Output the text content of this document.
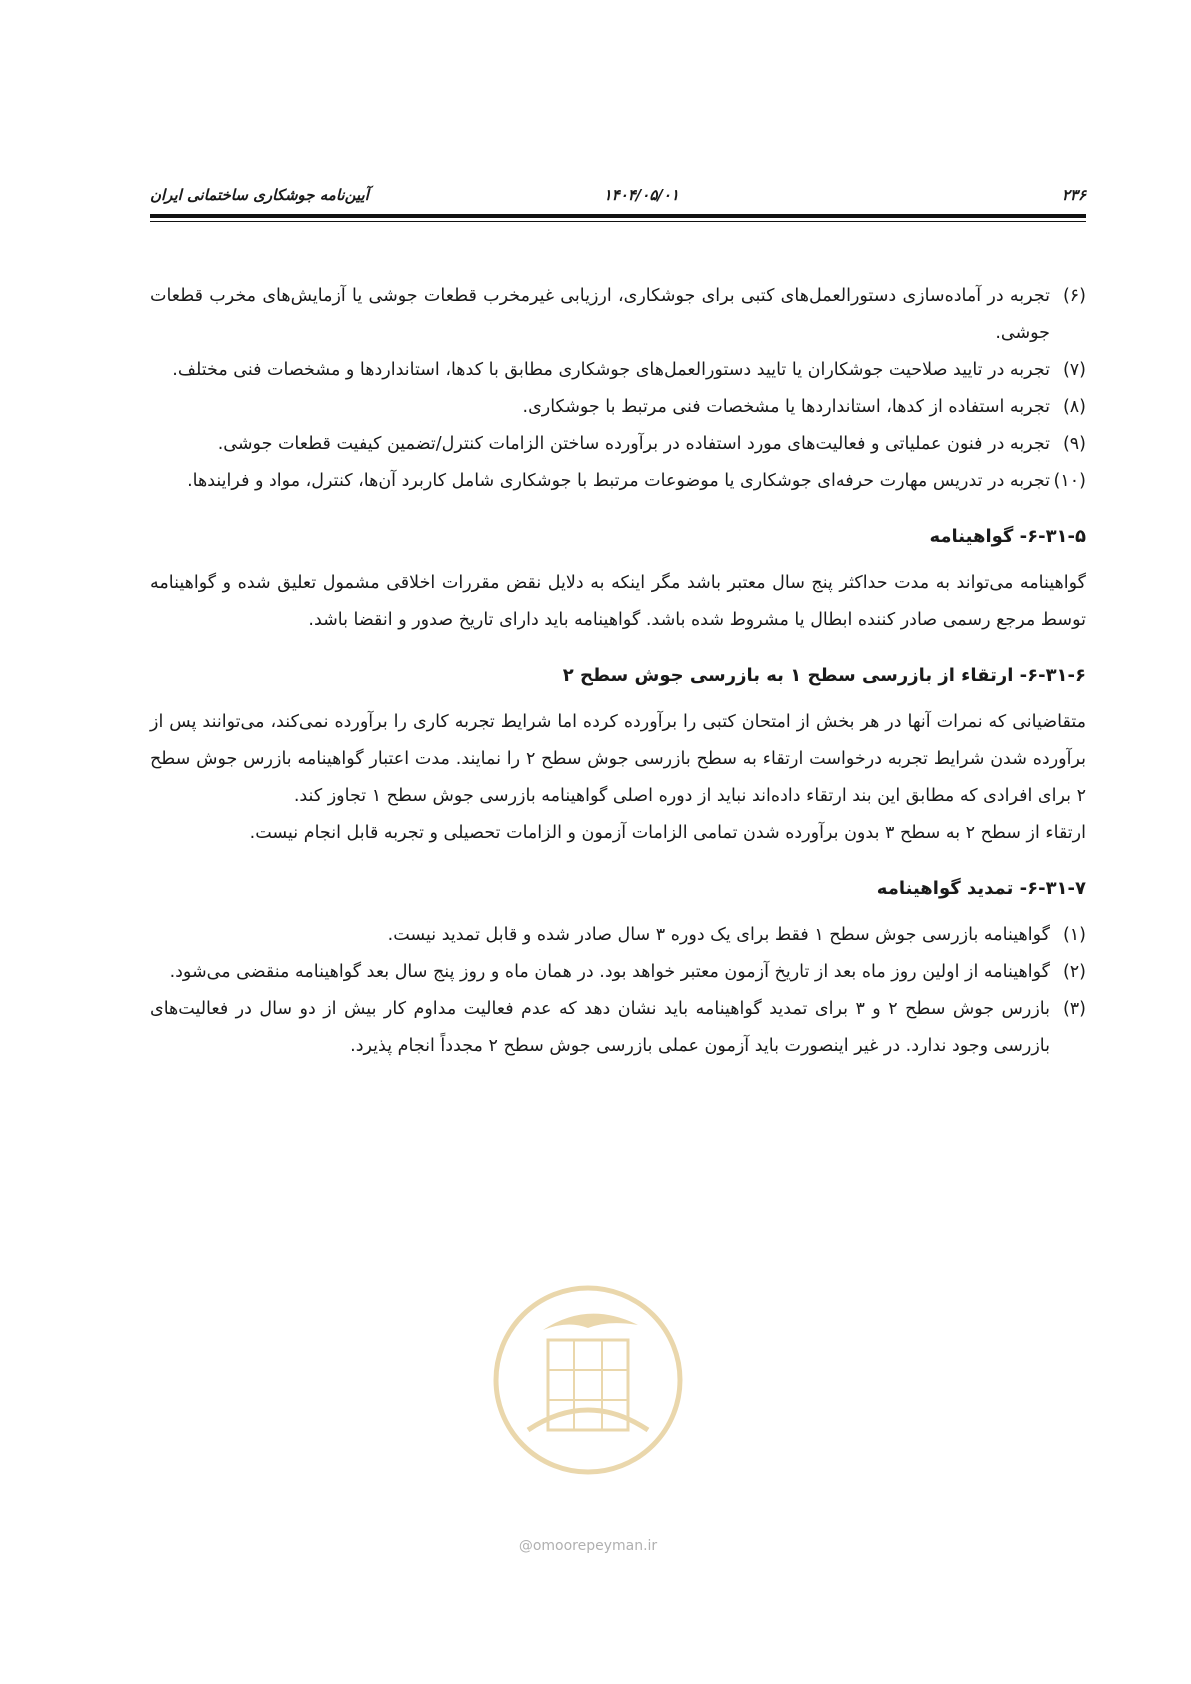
۲۳۶
۱۴۰۴/۰۵/۰۱
آیین‌نامه جوشکاری ساختمانی ایران
(۶)
تجربه در آماده‌سازی دستورالعمل‌های کتبی برای جوشکاری، ارزیابی غیرمخرب قطعات جوشی یا آزمایش‌های مخرب قطعات جوشی.
(۷)
تجربه در تایید صلاحیت جوشکاران یا تایید دستورالعمل‌های جوشکاری مطابق با کدها، استانداردها و مشخصات فنی مختلف.
(۸)
تجربه استفاده از کدها، استانداردها یا مشخصات فنی مرتبط با جوشکاری.
(۹)
تجربه در فنون عملیاتی و فعالیت‌های مورد استفاده در برآورده ساختن الزامات کنترل/تضمین کیفیت قطعات جوشی.
(۱۰)
تجربه در تدریس مهارت حرفه‌ای جوشکاری یا موضوعات مرتبط با جوشکاری شامل کاربرد آن‌ها، کنترل، مواد و فرایندها.
۶-۳۱-۵- گواهینامه

گواهینامه می‌تواند به مدت حداکثر پنج سال معتبر باشد مگر اینکه به دلایل نقض مقررات اخلاقی مشمول تعلیق شده و گواهینامه توسط مرجع رسمی صادر کننده ابطال یا مشروط شده باشد. گواهینامه باید دارای تاریخ صدور و انقضا باشد.

۶-۳۱-۶- ارتقاء از بازرسی سطح ۱ به بازرسی جوش سطح ۲

متقاضیانی که نمرات آنها در هر بخش از امتحان کتبی را برآورده کرده اما شرایط تجربه کاری را برآورده نمی‌کند، می‌توانند پس از برآورده شدن شرایط تجربه درخواست ارتقاء به سطح بازرسی جوش سطح ۲ را نمایند. مدت اعتبار گواهینامه بازرس جوش سطح ۲ برای افرادی که مطابق این بند ارتقاء داده‌اند نباید از دوره اصلی گواهینامه بازرسی جوش سطح ۱ تجاوز کند.

ارتقاء از سطح ۲ به سطح ۳ بدون برآورده شدن تمامی الزامات آزمون و الزامات تحصیلی و تجربه قابل انجام نیست.

۶-۳۱-۷- تمدید گواهینامه
(۱)
گواهینامه بازرسی جوش سطح ۱ فقط برای یک دوره ۳ سال صادر شده و قابل تمدید نیست.
(۲)
گواهینامه از اولین روز ماه بعد از تاریخ آزمون معتبر خواهد بود. در همان ماه و روز پنج سال بعد گواهینامه منقضی می‌شود.
(۳)
بازرس جوش سطح ۲ و ۳ برای تمدید گواهینامه باید نشان دهد که عدم فعالیت مداوم کار بیش از دو سال در فعالیت‌های بازرسی وجود ندارد. در غیر اینصورت باید آزمون عملی بازرسی جوش سطح ۲ مجدداً انجام پذیرد.
@omoorepeyman.ir
